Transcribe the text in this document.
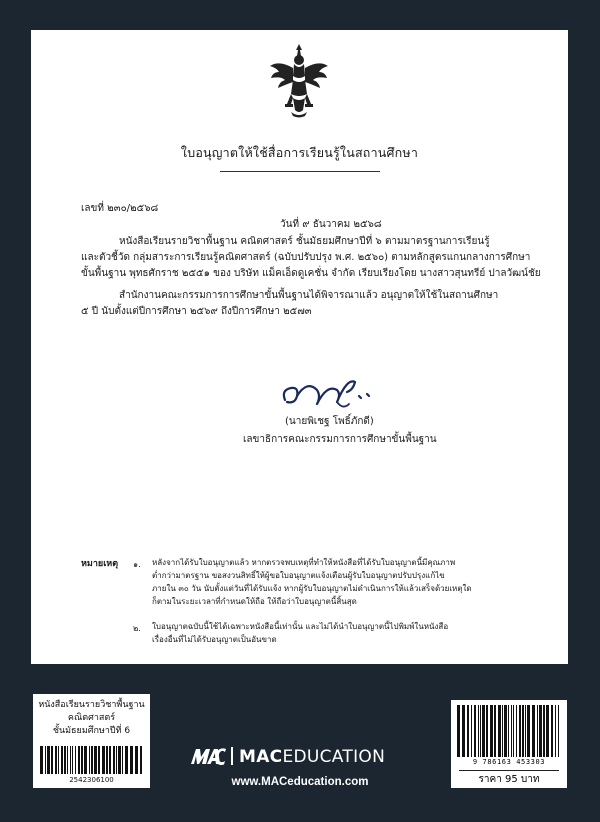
ใบอนุญาตให้ใช้สื่อการเรียนรู้ในสถานศึกษา
เลขที่ ๒๓๐/๒๕๖๘
วันที่ ๙ ธันวาคม ๒๕๖๘
หนังสือเรียนรายวิชาพื้นฐาน คณิตศาสตร์ ชั้นมัธยมศึกษาปีที่ ๖ ตามมาตรฐานการเรียนรู้
และตัวชี้วัด กลุ่มสาระการเรียนรู้คณิตศาสตร์ (ฉบับปรับปรุง พ.ศ. ๒๕๖๐) ตามหลักสูตรแกนกลางการศึกษา
ขั้นพื้นฐาน พุทธศักราช ๒๕๕๑ ของ บริษัท แม็คเอ็ดดูเคชั่น จำกัด เรียบเรียงโดย นางสาวสุนทรีย์ ปาลวัฒน์ชัย
สำนักงานคณะกรรมการการศึกษาขั้นพื้นฐานได้พิจารณาแล้ว อนุญาตให้ใช้ในสถานศึกษา
๕ ปี นับตั้งแต่ปีการศึกษา ๒๕๖๙ ถึงปีการศึกษา ๒๕๗๓
(นายพิเชฐ โพธิ์ภักดี)
เลขาธิการคณะกรรมการการศึกษาขั้นพื้นฐาน
หมายเหตุ ๑. หลังจากได้รับใบอนุญาตแล้ว หากตรวจพบเหตุที่ทำให้หนังสือที่ได้รับใบอนุญาตนี้มีคุณภาพ
ต่ำกว่ามาตรฐาน ขอสงวนสิทธิ์ให้ผู้ขอใบอนุญาตแจ้งเตือนผู้รับใบอนุญาตปรับปรุงแก้ไข
ภายใน ๓๐ วัน นับตั้งแต่วันที่ได้รับแจ้ง หากผู้รับใบอนุญาตไม่ดำเนินการให้แล้วเสร็จด้วยเหตุใด
ก็ตามในระยะเวลาที่กำหนดให้ถือ ให้ถือว่าใบอนุญาตนี้สิ้นสุด
๒. ใบอนุญาตฉบับนี้ใช้ได้เฉพาะหนังสือนี้เท่านั้น และไม่ได้นำใบอนุญาตนี้ไปพิมพ์ในหนังสือ
เรื่องอื่นที่ไม่ได้รับอนุญาตเป็นอันขาด
หนังสือเรียนรายวิชาพื้นฐาน
คณิตศาสตร์
ชั้นมัธยมศึกษาปีที่ 6
2542306100
MACEDUCATION
www.MACeducation.com
9 786163 453303
ราคา 95 บาท
